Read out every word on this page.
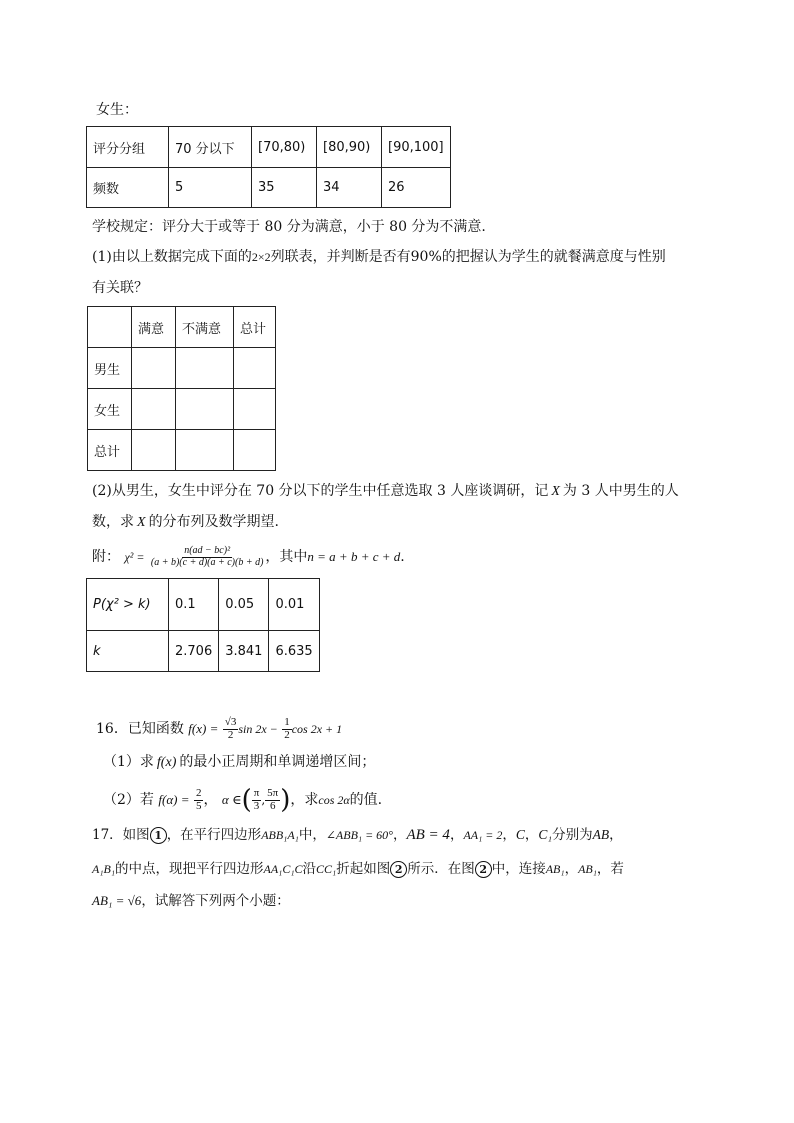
女生：
评分分组	70 分以下	[70,80)	[80,90)	[90,100]
频数	5	35	34	26
学校规定：评分大于或等于 80 分为满意，小于 80 分为不满意.
(1)由以上数据完成下面的2×2列联表，并判断是否有90%的把握认为学生的就餐满意度与性别
有关联？
	满意	不满意	总计
男生			
女生			
总计			
(2)从男生，女生中评分在 70 分以下的学生中任意选取 3 人座谈调研，记 X 为 3 人中男生的人
数，求 X 的分布列及数学期望.
附： $\chi^2 = \frac{\text{n(ad − bc)²}}{(a + b)(c + d)(a + c)(b + d)}$ ，其中n = a + b + c + d.
P(χ² > k)	0.1	0.05	0.01
k	2.706	3.841	6.635
16．已知函数 $f(x) = \frac{√3}{2}$ $\sin 2x - \frac{1}{2}$ cos 2x + 1
（1）求 f(x) 的最小正周期和单调递增区间；
（2）若 $f(\alpha) = \frac{2}{5}$ ， α ∈( $\frac{\pi}{3}$ , $\frac{5\pi}{6}$ )，求cos 2α的值.
17．如图 1 ，在平行四边形ABB₁A₁中，∠ABB₁ = 60°，AB = 4，AA₁ = 2，C，C₁分别为AB，
A₁B₁的中点，现把平行四边形AA₁C₁C沿CC₁折起如图 2 所示．在图 2 中，连接AB₁，AB₁，若
AB₁ = √6，试解答下列两个小题：
